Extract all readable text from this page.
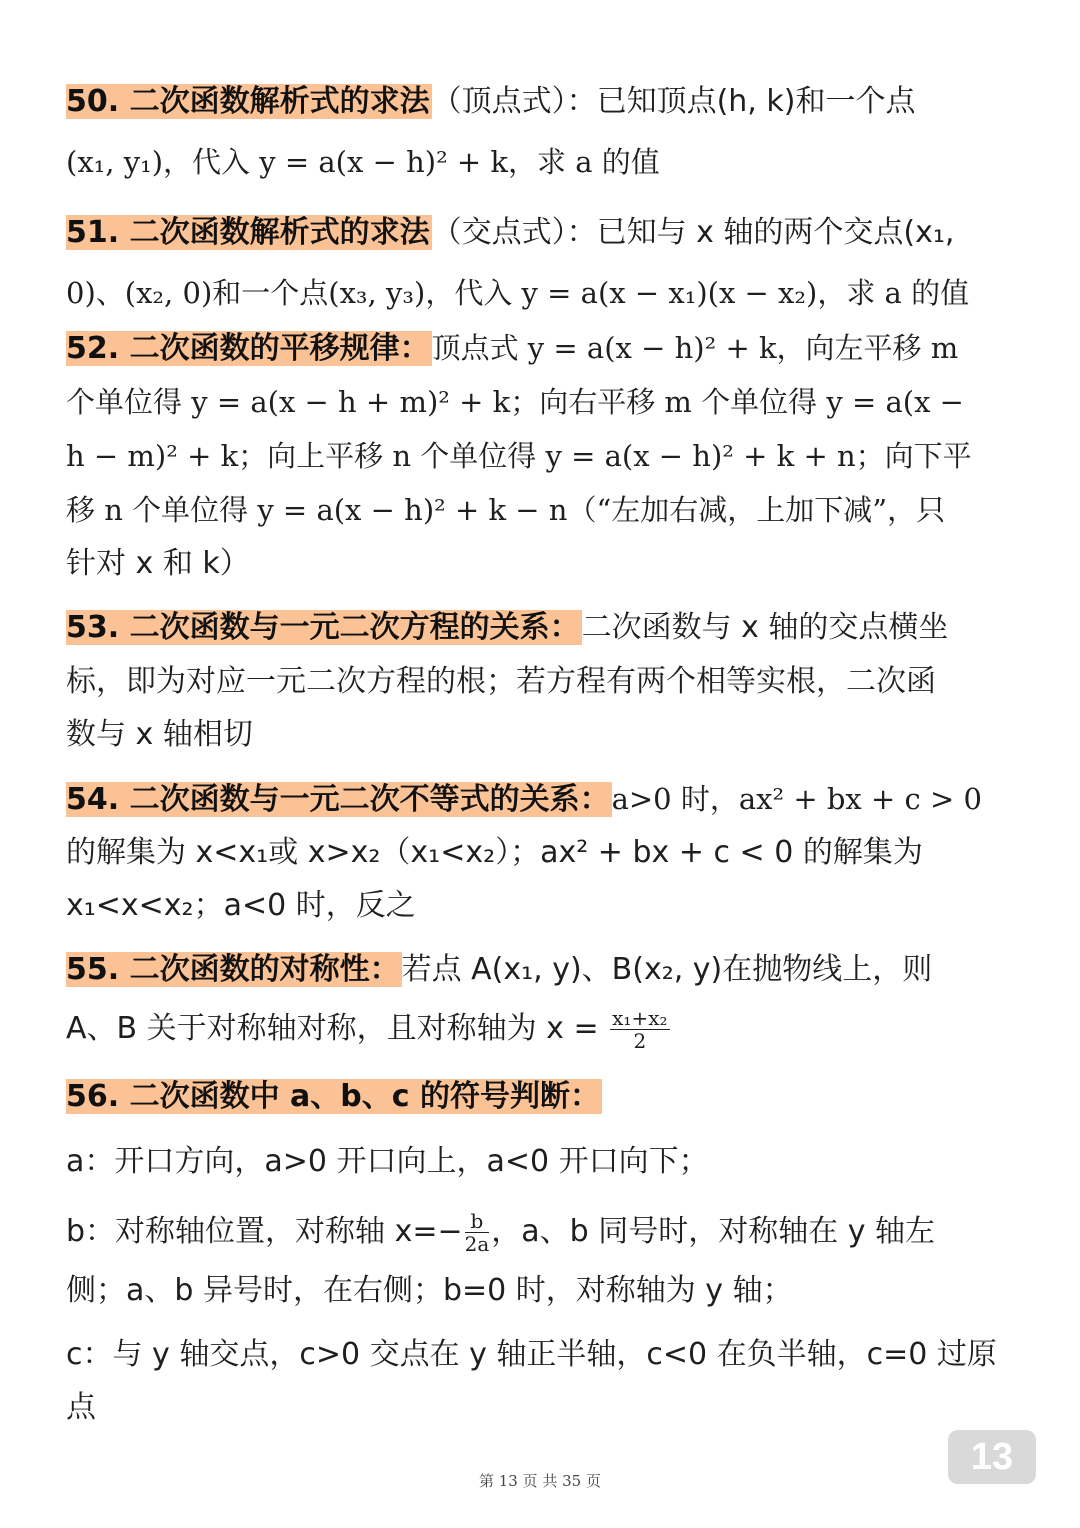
50. 二次函数解析式的求法（顶点式）：已知顶点(h, k)和一个点
(x₁, y₁)，代入 y = a(x − h)² + k，求 a 的值
51. 二次函数解析式的求法（交点式）：已知与 x 轴的两个交点(x₁,
0)、(x₂, 0)和一个点(x₃, y₃)，代入 y = a(x − x₁)(x − x₂)，求 a 的值
52. 二次函数的平移规律：顶点式 y = a(x − h)² + k，向左平移 m
个单位得 y = a(x − h + m)² + k；向右平移 m 个单位得 y = a(x −
h − m)² + k；向上平移 n 个单位得 y = a(x − h)² + k + n；向下平
移 n 个单位得 y = a(x − h)² + k − n（“左加右减，上加下减”，只
针对 x 和 k）
53. 二次函数与一元二次方程的关系：二次函数与 x 轴的交点横坐
标，即为对应一元二次方程的根；若方程有两个相等实根，二次函
数与 x 轴相切
54. 二次函数与一元二次不等式的关系：a>0 时，ax² + bx + c > 0
的解集为 x<x₁或 x>x₂（x₁<x₂）；ax² + bx + c < 0 的解集为
x₁<x<x₂；a<0 时，反之
55. 二次函数的对称性：若点 A(x₁, y)、B(x₂, y)在抛物线上，则
A、B 关于对称轴对称，且对称轴为 $x = \frac{\text{x₁+x₂}}{2}$
56. 二次函数中 a、b、c 的符号判断：
a：开口方向，a>0 开口向上，a<0 开口向下；
b：对称轴位置，对称轴 $x=- \frac{b}{2a}$ ，a、b 同号时，对称轴在 y 轴左
侧；a、b 异号时，在右侧；b=0 时，对称轴为 y 轴；
c：与 y 轴交点，c>0 交点在 y 轴正半轴，c<0 在负半轴，c=0 过原
点
13
第 13 页 共 35 页
